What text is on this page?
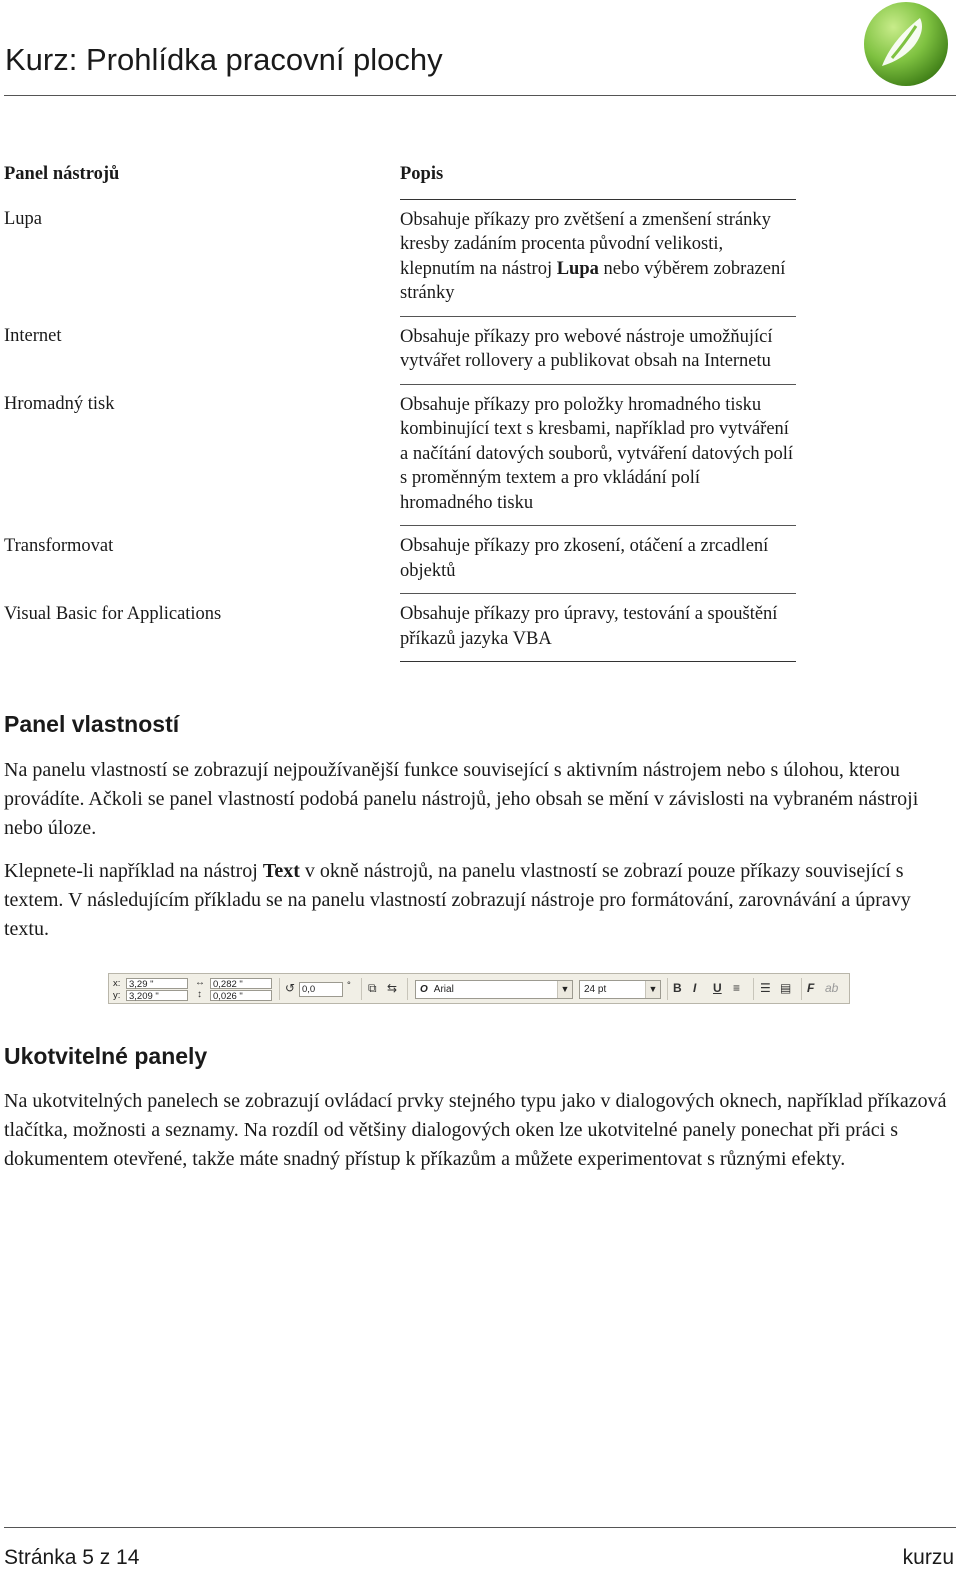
Kurz: Prohlídka pracovní plochy
Panel nástrojů	Popis
Lupa	Obsahuje příkazy pro zvětšení a zmenšení stránky kresby zadáním procenta původní velikosti, klepnutím na nástroj Lupa nebo výběrem zobrazení stránky
Internet	Obsahuje příkazy pro webové nástroje umožňující vytvářet rollovery a publikovat obsah na Internetu
Hromadný tisk	Obsahuje příkazy pro položky hromadného tisku kombinující text s kresbami, například pro vytváření a načítání datových souborů, vytváření datových polí s proměnným textem a pro vkládání polí hromadného tisku
Transformovat	Obsahuje příkazy pro zkosení, otáčení a zrcadlení objektů
Visual Basic for Applications	Obsahuje příkazy pro úpravy, testování a spouštění příkazů jazyka VBA
Panel vlastností

Na panelu vlastností se zobrazují nejpoužívanější funkce související s aktivním nástrojem nebo s úlohou, kterou provádíte. Ačkoli se panel vlastností podobá panelu nástrojů, jeho obsah se mění v závislosti na vybraném nástroji nebo úloze.

Klepnete-li například na nástroj Text v okně nástrojů, na panelu vlastností se zobrazí pouze příkazy související s textem. V následujícím příkladu se na panelu vlastností zobrazují nástroje pro formátování, zarovnávání a úpravy textu.

x: 3,29 "
y: 3,209 "
↔ 0,282 "
↕	0,026 "
↺ 0,0	° ⧉ ⇆	O Arial	▼	24 pt	▼ B I U ≡ ☰ ▤ F ab
Ukotvitelné panely

Na ukotvitelných panelech se zobrazují ovládací prvky stejného typu jako v dialogových oknech, například příkazová tlačítka, možnosti a seznamy. Na rozdíl od většiny dialogových oken lze ukotvitelné panely ponechat při práci s dokumentem otevřené, takže máte snadný přístup k příkazům a můžete experimentovat s různými efekty.

Stránka 5 z 14	kurzu
